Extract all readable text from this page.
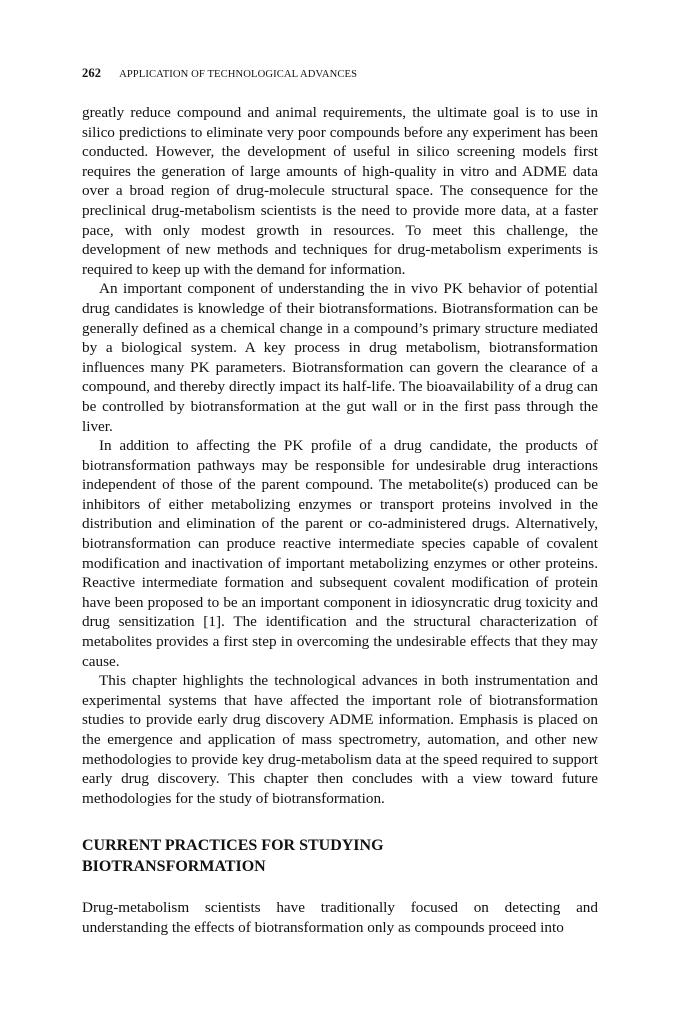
262 APPLICATION OF TECHNOLOGICAL ADVANCES

greatly reduce compound and animal requirements, the ultimate goal is to use in silico predictions to eliminate very poor compounds before any experiment has been conducted. However, the development of useful in silico screening models first requires the generation of large amounts of high-quality in vitro and ADME data over a broad region of drug-molecule structural space. The consequence for the preclinical drug-metabolism scientists is the need to provide more data, at a faster pace, with only modest growth in resources. To meet this challenge, the development of new methods and techniques for drug-metabolism experiments is required to keep up with the demand for information.

An important component of understanding the in vivo PK behavior of potential drug candidates is knowledge of their biotransformations. Biotransformation can be generally defined as a chemical change in a compound’s primary structure mediated by a biological system. A key process in drug metabolism, biotransformation influences many PK parameters. Biotransformation can govern the clearance of a compound, and thereby directly impact its half-life. The bioavailability of a drug can be controlled by biotransformation at the gut wall or in the first pass through the liver.

In addition to affecting the PK profile of a drug candidate, the products of biotransformation pathways may be responsible for undesirable drug interactions independent of those of the parent compound. The metabolite(s) produced can be inhibitors of either metabolizing enzymes or transport proteins involved in the distribution and elimination of the parent or co-administered drugs. Alternatively, biotransformation can produce reactive intermediate species capable of covalent modification and inactivation of important metabolizing enzymes or other proteins. Reactive intermediate formation and subsequent covalent modification of protein have been proposed to be an important component in idiosyncratic drug toxicity and drug sensitization [1]. The identification and the structural characterization of metabolites provides a first step in overcoming the undesirable effects that they may cause.

This chapter highlights the technological advances in both instrumentation and experimental systems that have affected the important role of biotransformation studies to provide early drug discovery ADME information. Emphasis is placed on the emergence and application of mass spectrometry, automation, and other new methodologies to provide key drug-metabolism data at the speed required to support early drug discovery. This chapter then concludes with a view toward future methodologies for the study of biotransformation.

CURRENT PRACTICES FOR STUDYING BIOTRANSFORMATION

Drug-metabolism scientists have traditionally focused on detecting and understanding the effects of biotransformation only as compounds proceed into
